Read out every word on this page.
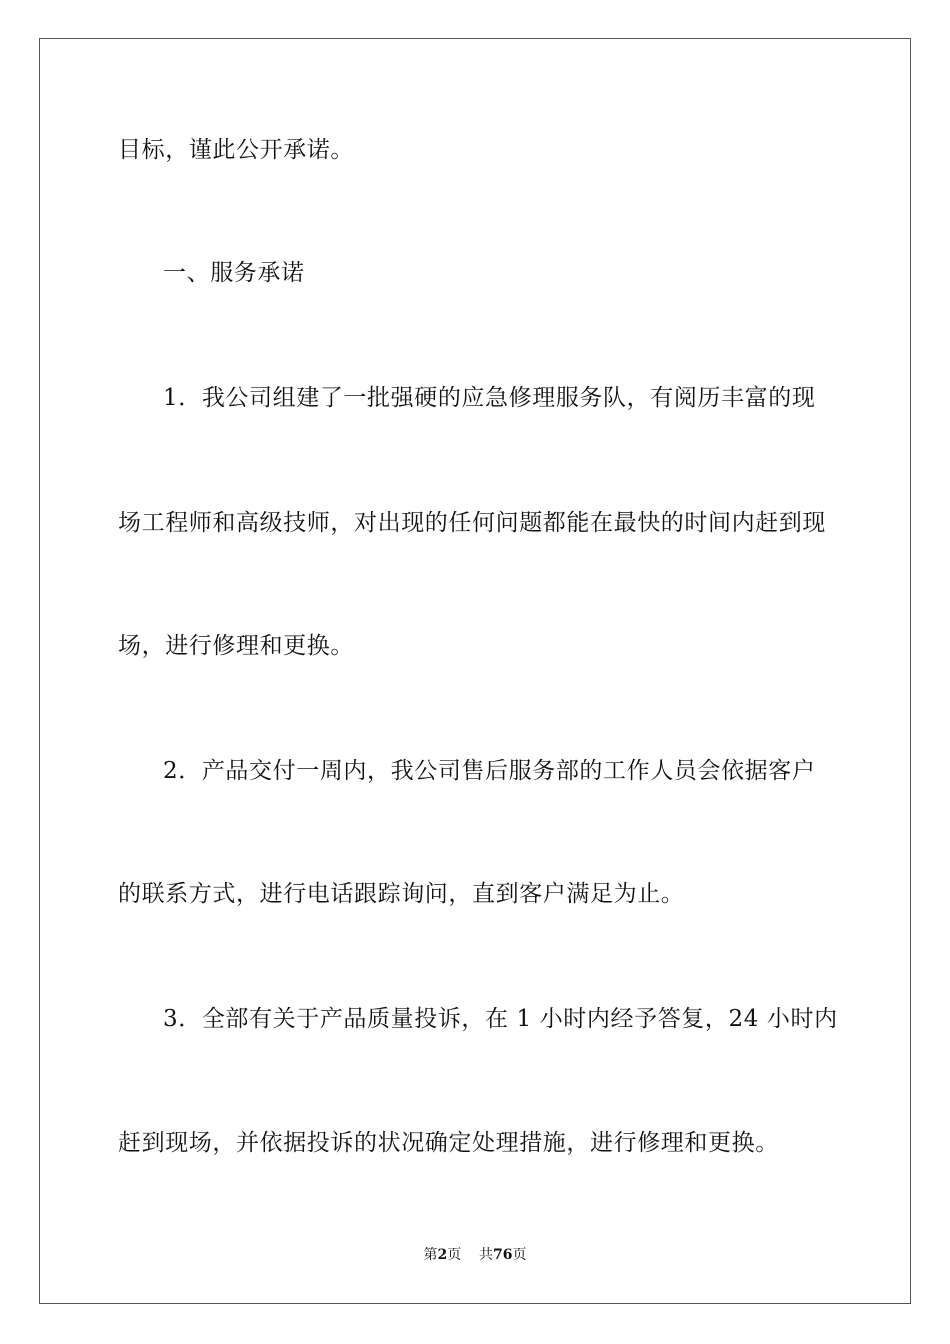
目标，谨此公开承诺。
一、服务承诺
1．我公司组建了一批强硬的应急修理服务队，有阅历丰富的现
场工程师和高级技师，对出现的任何问题都能在最快的时间内赶到现
场，进行修理和更换。
2．产品交付一周内，我公司售后服务部的工作人员会依据客户
的联系方式，进行电话跟踪询问，直到客户满足为止。
3．全部有关于产品质量投诉，在 1 小时内经予答复，24 小时内
赶到现场，并依据投诉的状况确定处理措施，进行修理和更换。
第2页 共76页
